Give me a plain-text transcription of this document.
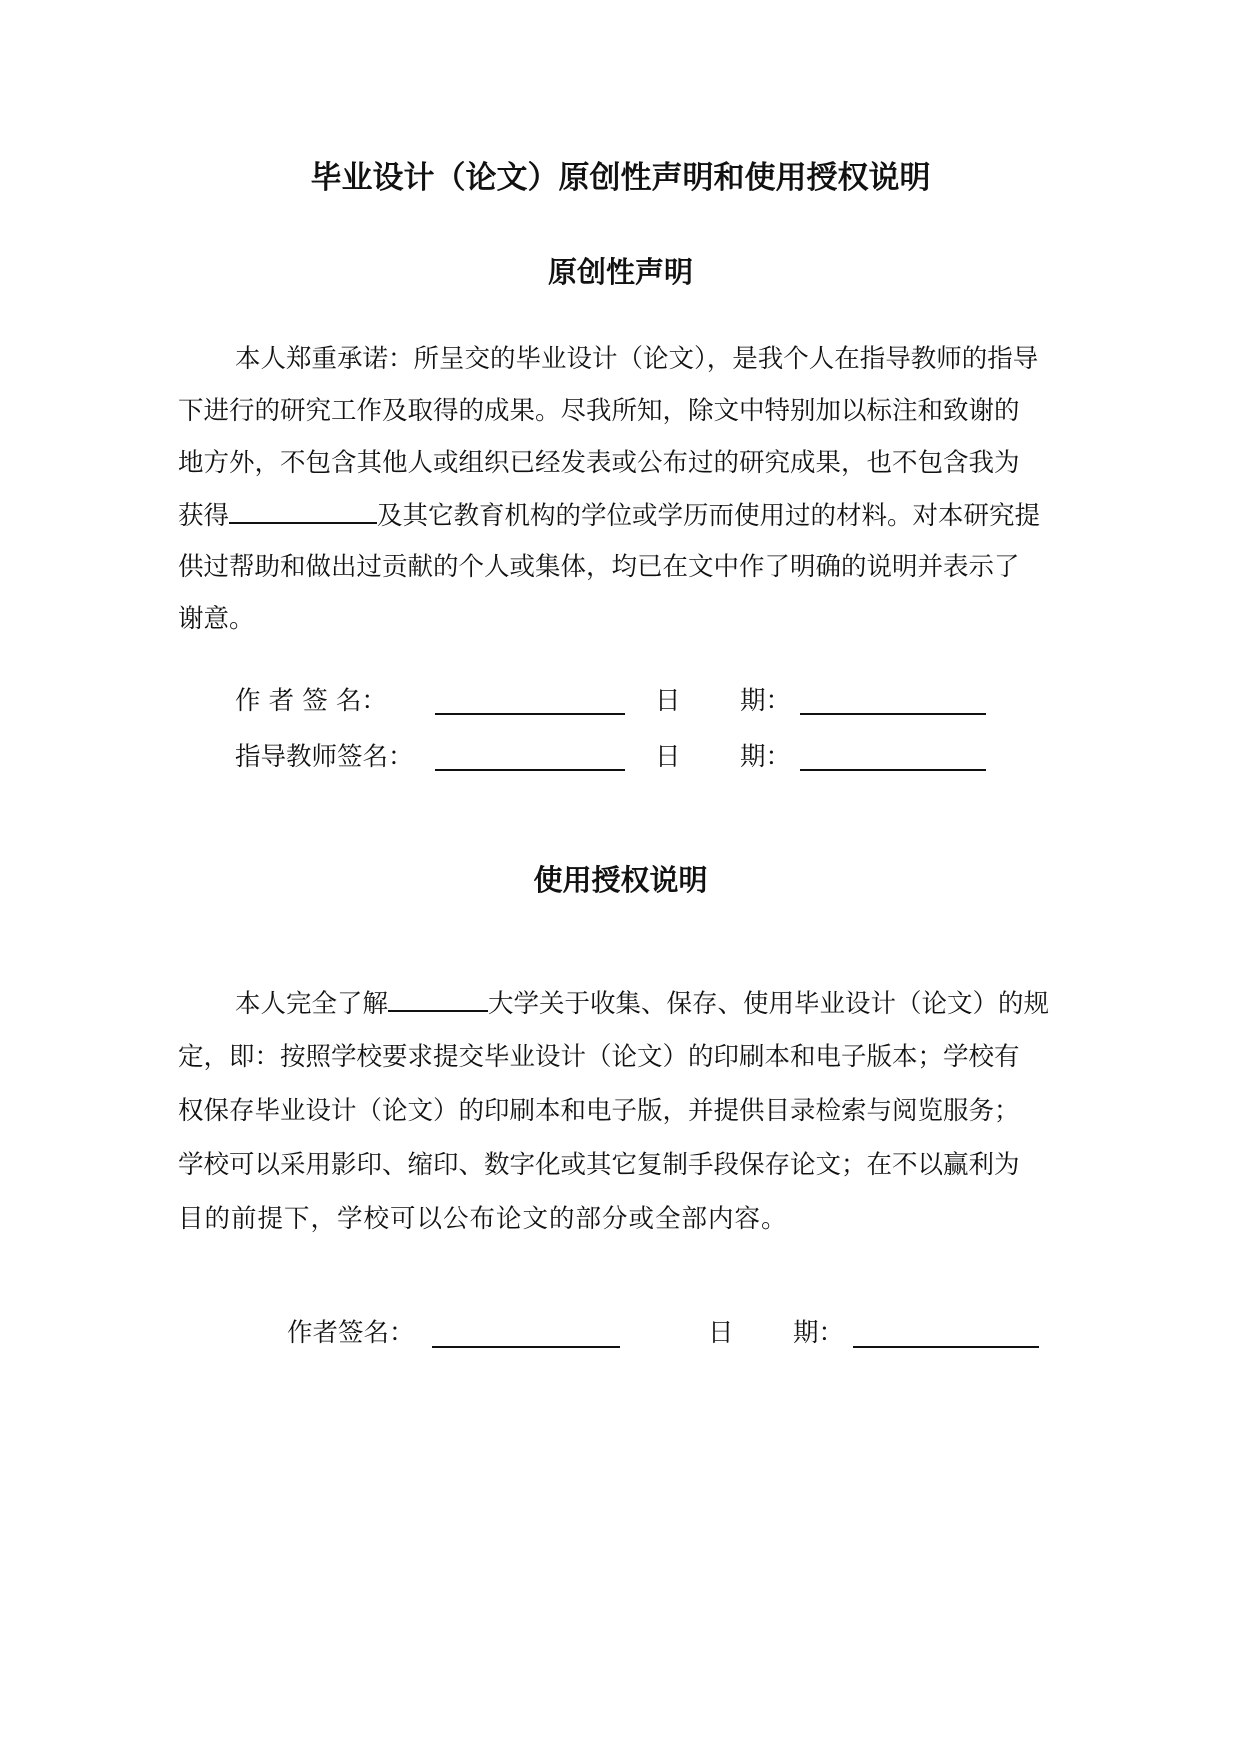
毕业设计（论文）原创性声明和使用授权说明
原创性声明

本人郑重承诺：所呈交的毕业设计（论文），是我个人在指导教师的指导

下进行的研究工作及取得的成果。尽我所知，除文中特别加以标注和致谢的

地方外，不包含其他人或组织已经发表或公布过的研究成果，也不包含我为

获得	及其它教育机构的学位或学历而使用过的材料。对本研究提

供过帮助和做出过贡献的个人或集体，均已在文中作了明确的说明并表示了

谢意。

作 者 签 名：	日 期：
指导教师签名：	日 期：
使用授权说明

本人完全了解	大学关于收集、保存、使用毕业设计（论文）的规

定，即：按照学校要求提交毕业设计（论文）的印刷本和电子版本；学校有

权保存毕业设计（论文）的印刷本和电子版，并提供目录检索与阅览服务；

学校可以采用影印、缩印、数字化或其它复制手段保存论文；在不以赢利为

目的前提下，学校可以公布论文的部分或全部内容。

作者签名：	日 期：
